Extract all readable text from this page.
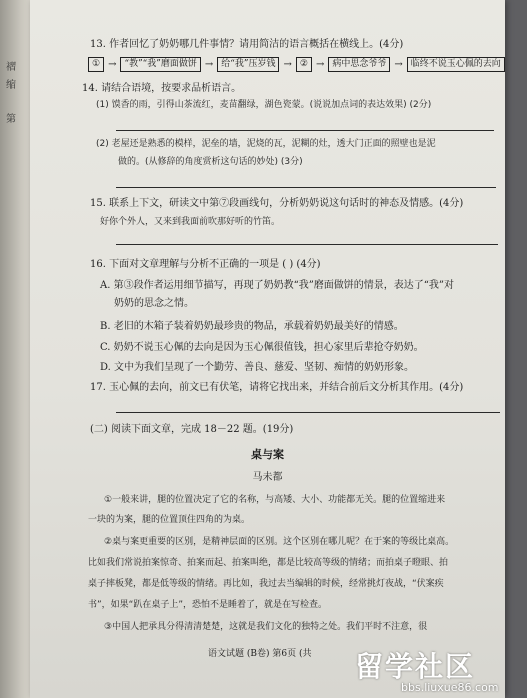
褶
缩
第
13. 作者回忆了奶奶哪几件事情？请用简洁的语言概括在横线上。(4分)
① → “教”“我”磨面做饼 → 给“我”压岁钱 → ② → 病中思念爷爷 → 临终不说玉心佩的去向
14. 请结合语境，按要求品析语言。
(1) 馍香的雨，引得山茶流红，麦苗翻绿，湖色瓷蒙。(说说加点词的表达效果) (2分)
(2) 老屋还是熟悉的模样，泥垒的墙，泥烧的瓦，泥糊的灶，透大门正面的照壁也是泥
做的。(从修辞的角度赏析这句话的妙处) (3分)
15. 联系上下文，研读文中第⑦段画线句，分析奶奶说这句话时的神态及情感。(4分)
好你个外人，又来到我面前吹那好听的竹笛。
16. 下面对文章理解与分析不正确的一项是 ( ) (4分)
A. 第③段作者运用细节描写，再现了奶奶教“我”磨面做饼的情景，表达了“我”对
奶奶的思念之情。
B. 老旧的木箱子装着奶奶最珍贵的物品，承载着奶奶最美好的情感。
C. 奶奶不说玉心佩的去向是因为玉心佩很值钱，担心家里后辈抢夺奶奶。
D. 文中为我们呈现了一个勤劳、善良、慈爱、坚韧、痴情的奶奶形象。
17. 玉心佩的去向，前文已有伏笔，请将它找出来，并结合前后文分析其作用。(4分)
(二) 阅读下面文章，完成 18－22 题。(19分)
桌与案
马未都
①一般来讲，腿的位置决定了它的名称，与高矮、大小、功能都无关。腿的位置缩进来
一块的为案，腿的位置顶住四角的为桌。
②桌与案更重要的区别，是精神层面的区别。这个区别在哪儿呢？在于案的等级比桌高。
比如我们常说拍案惊奇、拍案而起、拍案叫绝，都是比较高等级的情绪；而拍桌子瞪眼、拍
桌子摔板凳，都是低等级的情绪。再比如，我过去当编辑的时候，经常挑灯夜战，“伏案疾
书”，如果“趴在桌子上”，恐怕不是睡着了，就是在写检查。
③中国人把承具分得清清楚楚，这就是我们文化的独特之处。我们平时不注意，很
语文试题 (B卷) 第6页 (共 留学社区
bbs.liuxue86.com
